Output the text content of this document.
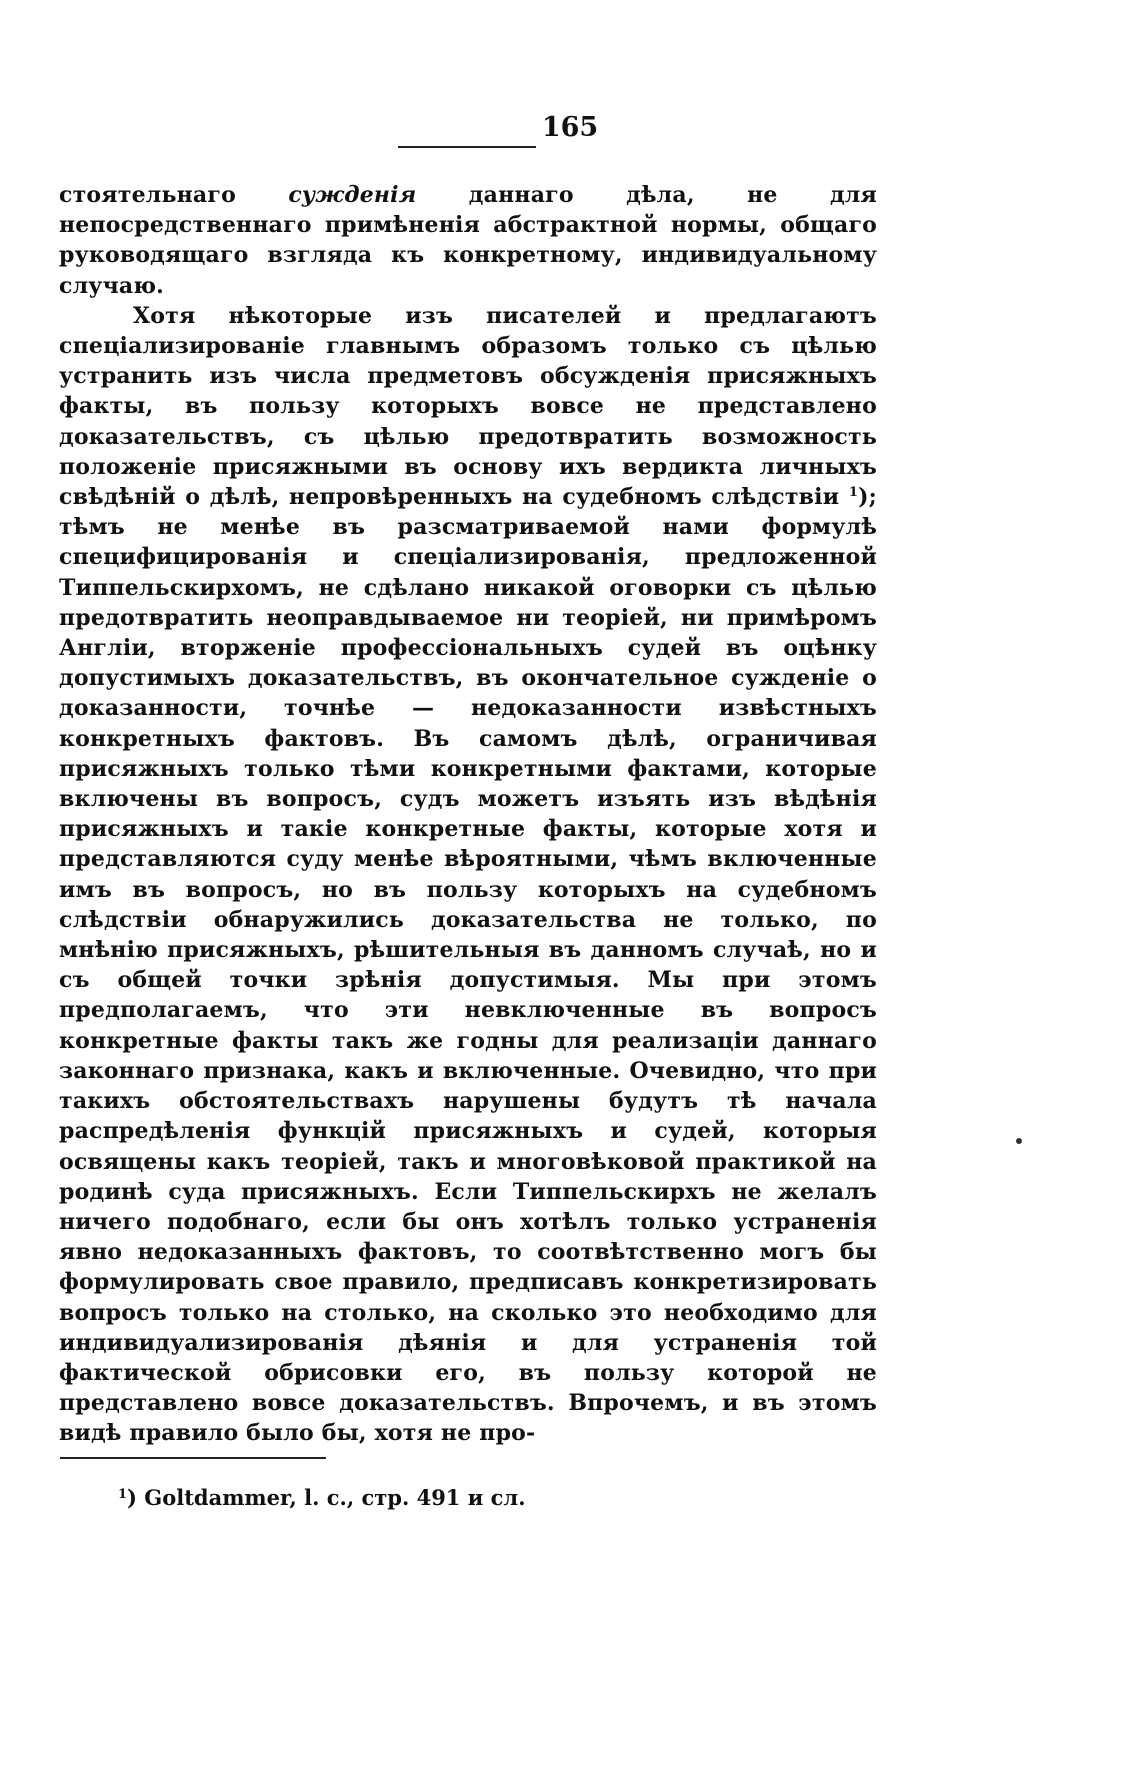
165

стоятельнаго сужденія даннаго дѣла, не для непосредственнаго примѣненія абстрактной нормы, общаго руководящаго взгляда къ конкретному, индивидуальному случаю.

Хотя нѣкоторые изъ писателей и предлагаютъ спеціализированіе главнымъ образомъ только съ цѣлью устранить изъ числа предметовъ обсужденія присяжныхъ факты, въ пользу которыхъ вовсе не представлено доказательствъ, съ цѣлью предотвратить возможность положеніе присяжными въ основу ихъ вердикта личныхъ свѣдѣній о дѣлѣ, непровѣренныхъ на судебномъ слѣдствіи $^1$); тѣмъ не менѣе въ разсматриваемой нами формулѣ специфицированія и спеціализированія, предложенной Типпельскирхомъ, не сдѣлано никакой оговорки съ цѣлью предотвратить неоправдываемое ни теоріей, ни примѣромъ Англіи, вторженіе профессіональныхъ судей въ оцѣнку допустимыхъ доказательствъ, въ окончательное сужденіе о доказанности, точнѣе — недоказанности извѣстныхъ конкретныхъ фактовъ. Въ самомъ дѣлѣ, ограничивая присяжныхъ только тѣми конкретными фактами, которые включены въ вопросъ, судъ можетъ изъять изъ вѣдѣнія присяжныхъ и такіе конкретные факты, которые хотя и представляются суду менѣе вѣроятными, чѣмъ включенные имъ въ вопросъ, но въ пользу которыхъ на судебномъ слѣдствіи обнаружились доказательства не только, по мнѣнію присяжныхъ, рѣшительныя въ данномъ случаѣ, но и съ общей точки зрѣнія допустимыя. Мы при этомъ предполагаемъ, что эти невключенные въ вопросъ конкретные факты такъ же годны для реализаціи даннаго законнаго признака, какъ и включенные. Очевидно, что при такихъ обстоятельствахъ нарушены будутъ тѣ начала распредѣленія функцій присяжныхъ и судей, которыя освящены какъ теоріей, такъ и многовѣковой практикой на родинѣ суда присяжныхъ. Если Типпельскирхъ не желалъ ничего подобнаго, если бы онъ хотѣлъ только устраненія явно недоказанныхъ фактовъ, то соотвѣтственно могъ бы формулировать свое правило, предписавъ конкретизировать вопросъ только на столько, на сколько это необходимо для индивидуализированія дѣянія и для устраненія той фактической обрисовки его, въ пользу которой не представлено вовсе доказательствъ. Впрочемъ, и въ этомъ видѣ правило было бы, хотя не про-

$^1$) Goltdammer, l. c., стр. 491 и сл.
